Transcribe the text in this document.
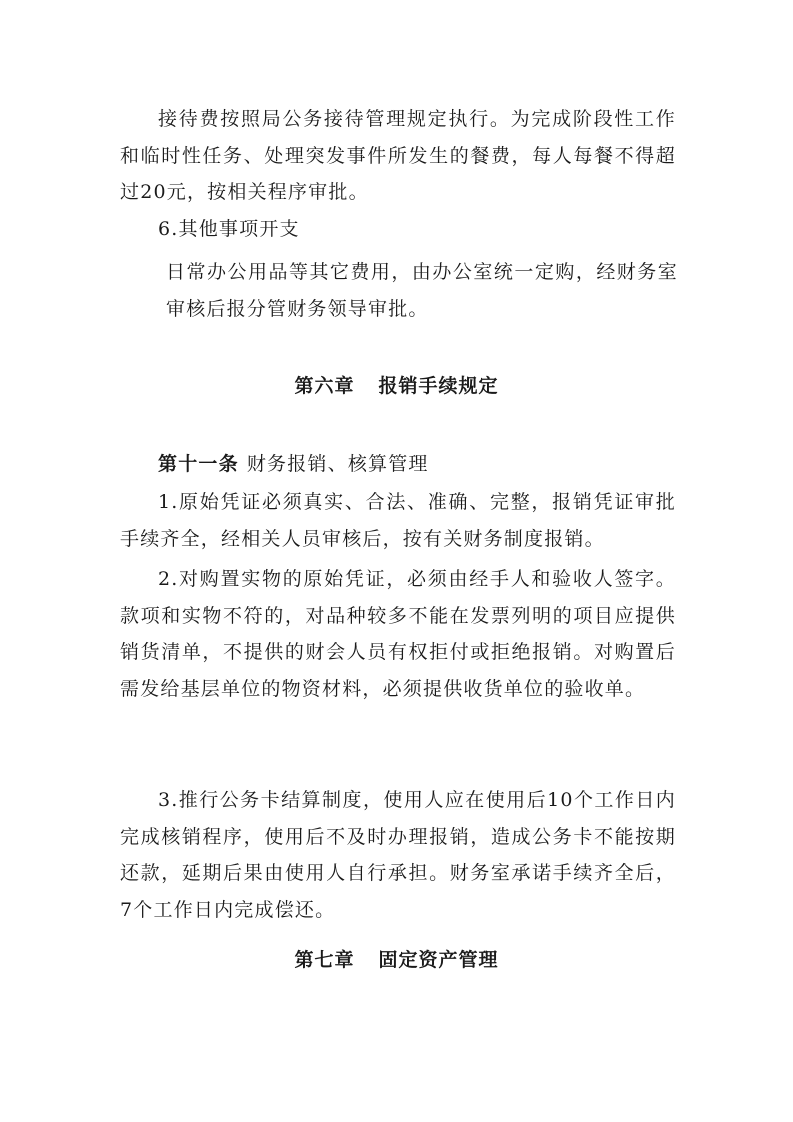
接待费按照局公务接待管理规定执行。为完成阶段性工作和临时性任务、处理突发事件所发生的餐费，每人每餐不得超过20元，按相关程序审批。

6.其他事项开支

日常办公用品等其它费用，由办公室统一定购，经财务室审核后报分管财务领导审批。

第六章 报销手续规定

第十一条 财务报销、核算管理

1.原始凭证必须真实、合法、准确、完整，报销凭证审批手续齐全，经相关人员审核后，按有关财务制度报销。

2.对购置实物的原始凭证，必须由经手人和验收人签字。款项和实物不符的，对品种较多不能在发票列明的项目应提供销货清单，不提供的财会人员有权拒付或拒绝报销。对购置后需发给基层单位的物资材料，必须提供收货单位的验收单。

3.推行公务卡结算制度，使用人应在使用后10个工作日内完成核销程序，使用后不及时办理报销，造成公务卡不能按期还款，延期后果由使用人自行承担。财务室承诺手续齐全后，7个工作日内完成偿还。

第七章 固定资产管理
